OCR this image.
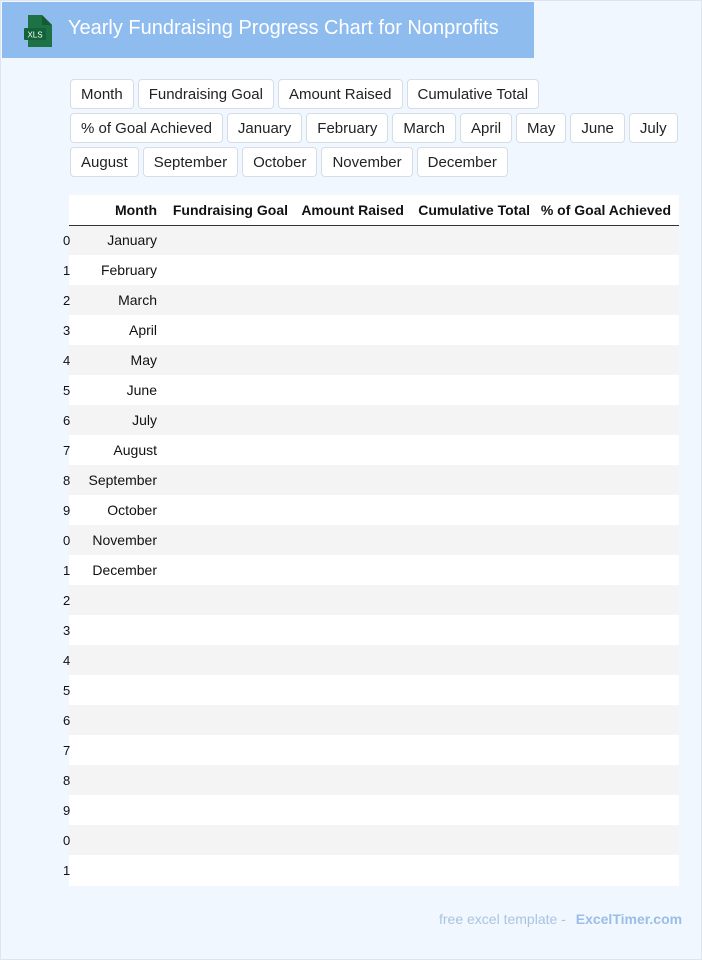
XLS Yearly Fundraising Progress Chart for Nonprofits
Month	Fundraising Goal	Amount Raised	Cumulative Total
% of Goal Achieved	January	February	March	April	May	June	July
August	September	October	November	December
	Month	Fundraising Goal	Amount Raised	Cumulative Total	% of Goal Achieved
0	January				
1	February				
2	March				
3	April				
4	May				
5	June				
6	July				
7	August				
8	September				
9	October				
0	November				
1	December				
2					
3					
4					
5					
6					
7					
8					
9					
0					
1					
free excel template - ExcelTimer.com
